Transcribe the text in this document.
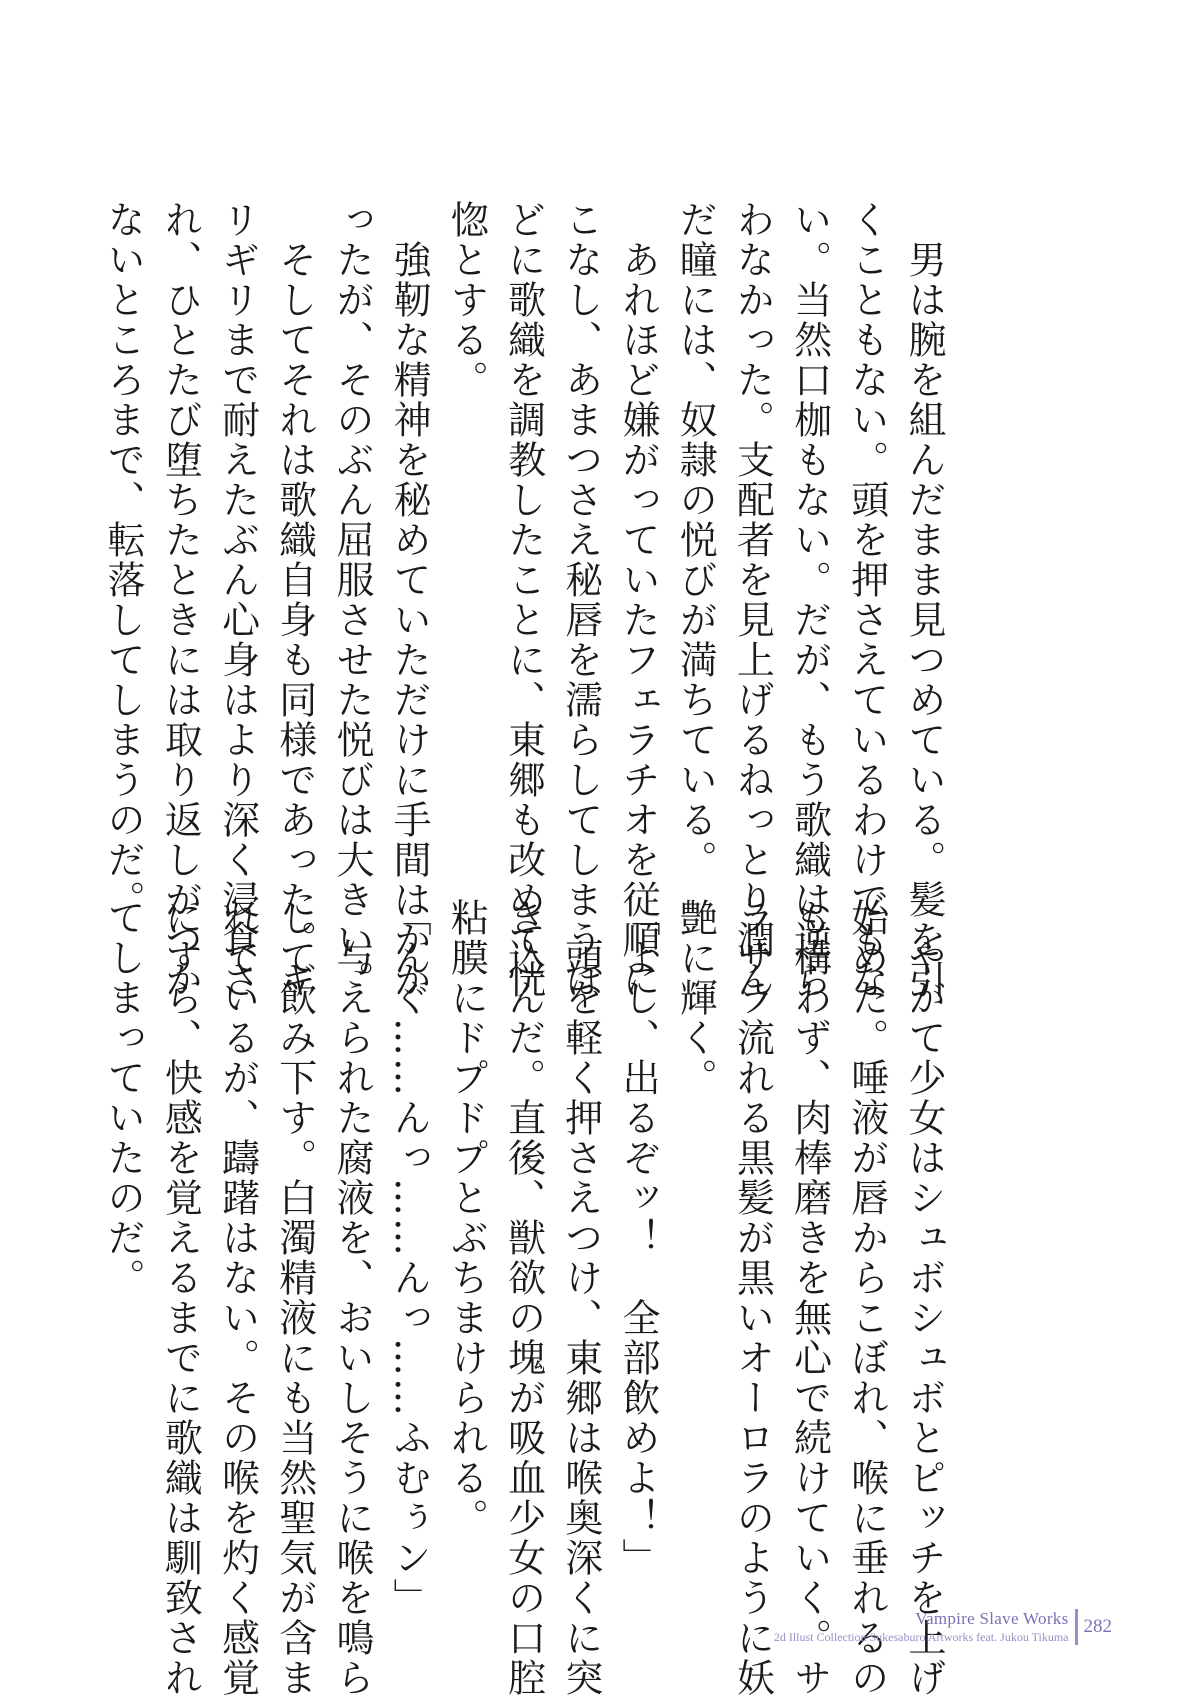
　男は腕を組んだまま見つめている。髪を引

くこともない。頭を押さえているわけでもな

い。当然口枷もない。だが、もう歌織は逆ら

わなかった。支配者を見上げるねっとり潤ん

だ瞳には、奴隷の悦びが満ちている。

　あれほど嫌がっていたフェラチオを従順に

こなし、あまつさえ秘唇を濡らしてしまうほ

どに歌織を調教したことに、東郷も改めて恍

惚とする。

　強靭な精神を秘めていただけに手間はかか

ったが、そのぶん屈服させた悦びは大きい。

　そしてそれは歌織自身も同様であった。ギ

リギリまで耐えたぶん心身はより深く浸食さ

れ、ひとたび堕ちたときには取り返しがつか

ないところまで、転落してしまうのだ。

　やがて少女はシュボシュボとピッチを上げ

始めた。唾液が唇からこぼれ、喉に垂れるの

も構わず、肉棒磨きを無心で続けていく。サ

ラサラ流れる黒髪が黒いオーロラのように妖

艶に輝く。

「よし、出るぞッ！　全部飲めよ！」

　頭を軽く押さえつけ、東郷は喉奥深くに突

き込んだ。直後、獣欲の塊が吸血少女の口腔

粘膜にドプドプとぶちまけられる。

「んぐ……んっ……んっ……ふむぅン」

　与えられた腐液を、おいしそうに喉を鳴ら

して飲み下す。白濁精液にも当然聖気が含ま

れているが、躊躇はない。その喉を灼く感覚

にすら、快感を覚えるまでに歌織は馴致され

てしまっていたのだ。

Vampire Slave Works
2d Illust Collection Sukesaburo Artworks feat. Jukou Tikuma 282
